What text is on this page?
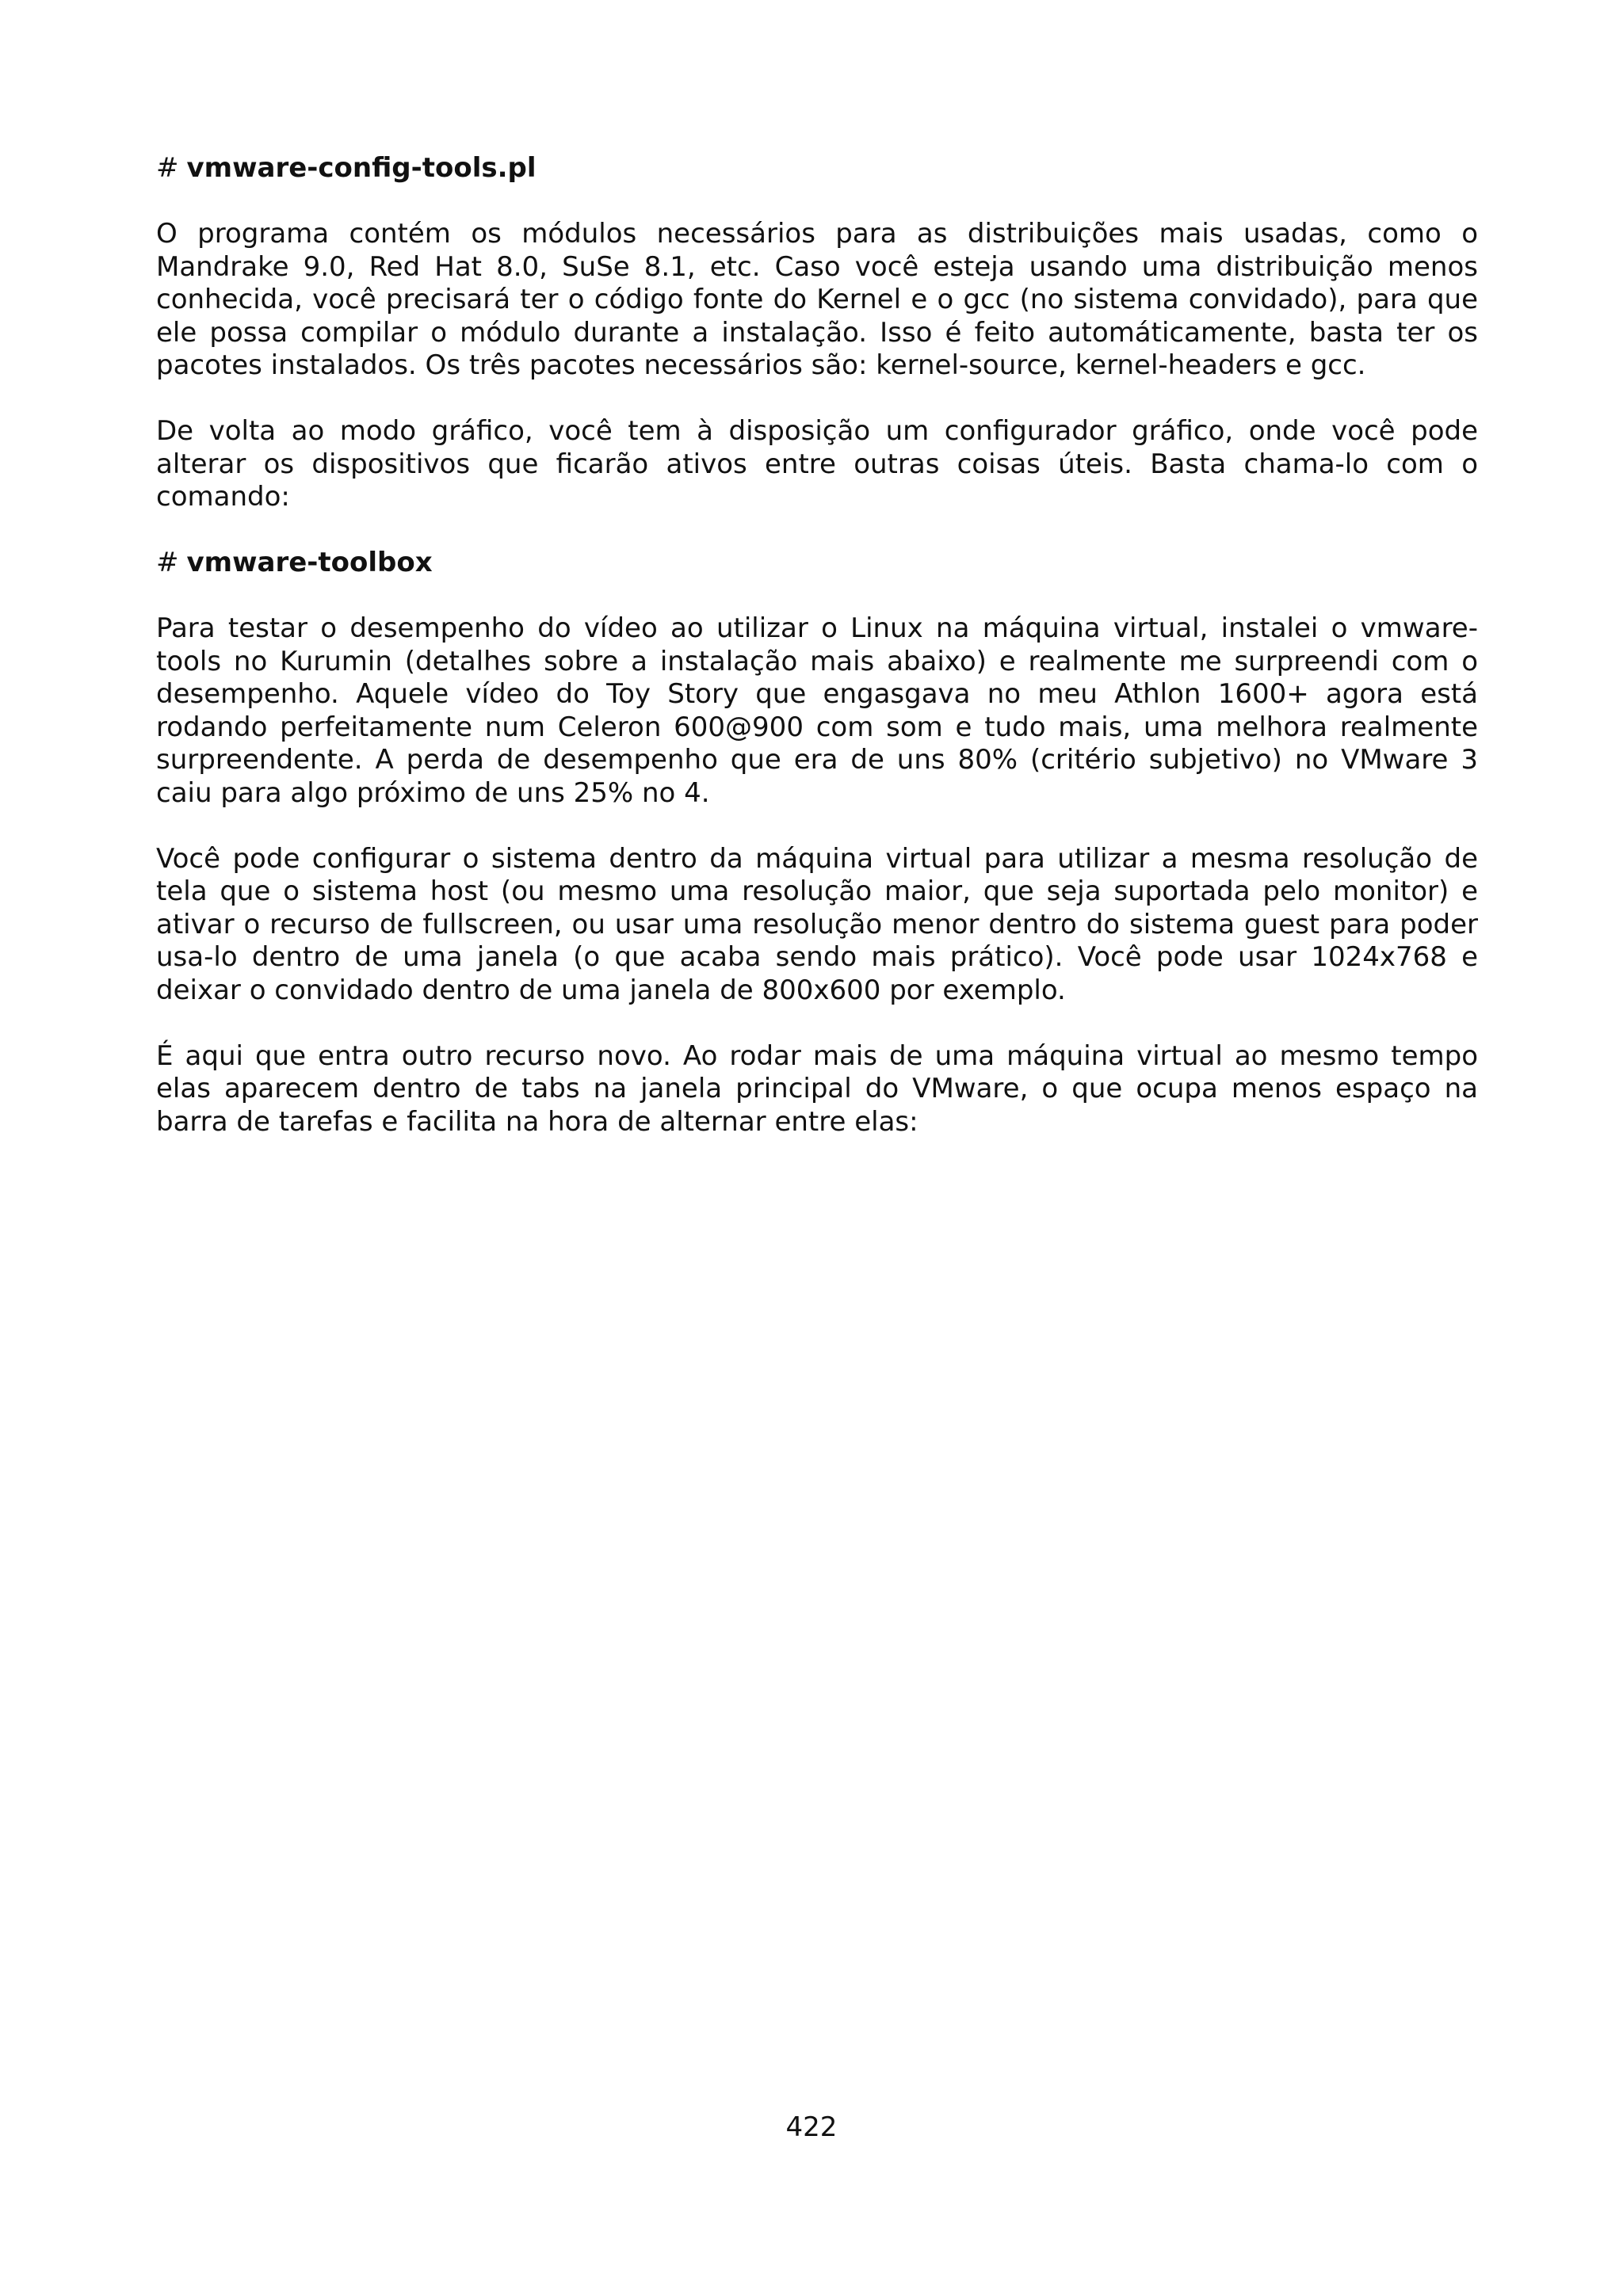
# vmware-config-tools.pl

O programa contém os módulos necessários para as distribuições mais usadas, como o Mandrake 9.0, Red Hat 8.0, SuSe 8.1, etc. Caso você esteja usando uma distribuição menos conhecida, você precisará ter o código fonte do Kernel e o gcc (no sistema convidado), para que ele possa compilar o módulo durante a instalação. Isso é feito automáticamente, basta ter os pacotes instalados. Os três pacotes necessários são: kernel-source, kernel-headers e gcc.

De volta ao modo gráfico, você tem à disposição um configurador gráfico, onde você pode alterar os dispositivos que ficarão ativos entre outras coisas úteis. Basta chama-lo com o comando:

# vmware-toolbox

Para testar o desempenho do vídeo ao utilizar o Linux na máquina virtual, instalei o vmware-tools no Kurumin (detalhes sobre a instalação mais abaixo) e realmente me surpreendi com o desempenho. Aquele vídeo do Toy Story que engasgava no meu Athlon 1600+ agora está rodando perfeitamente num Celeron 600@900 com som e tudo mais, uma melhora realmente surpreendente. A perda de desempenho que era de uns 80% (critério subjetivo) no VMware 3 caiu para algo próximo de uns 25% no 4.

Você pode configurar o sistema dentro da máquina virtual para utilizar a mesma resolução de tela que o sistema host (ou mesmo uma resolução maior, que seja suportada pelo monitor) e ativar o recurso de fullscreen, ou usar uma resolução menor dentro do sistema guest para poder usa-lo dentro de uma janela (o que acaba sendo mais prático). Você pode usar 1024x768 e deixar o convidado dentro de uma janela de 800x600 por exemplo.

É aqui que entra outro recurso novo. Ao rodar mais de uma máquina virtual ao mesmo tempo elas aparecem dentro de tabs na janela principal do VMware, o que ocupa menos espaço na barra de tarefas e facilita na hora de alternar entre elas:

422
